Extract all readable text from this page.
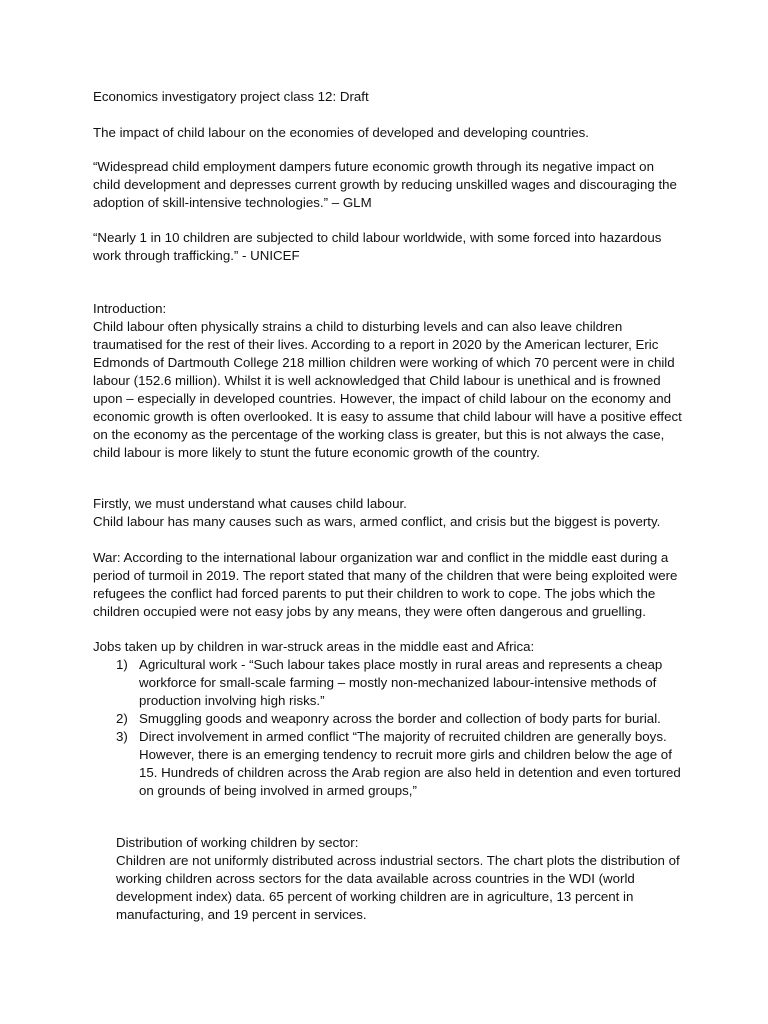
Economics investigatory project class 12: Draft

The impact of child labour on the economies of developed and developing countries.

“Widespread child employment dampers future economic growth through its negative impact on child development and depresses current growth by reducing unskilled wages and discouraging the adoption of skill-intensive technologies.” – GLM

“Nearly 1 in 10 children are subjected to child labour worldwide, with some forced into hazardous work through trafficking.” - UNICEF

Introduction:

Child labour often physically strains a child to disturbing levels and can also leave children traumatised for the rest of their lives. According to a report in 2020 by the American lecturer, Eric Edmonds of Dartmouth College 218 million children were working of which 70 percent were in child labour (152.6 million). Whilst it is well acknowledged that Child labour is unethical and is frowned upon – especially in developed countries. However, the impact of child labour on the economy and economic growth is often overlooked. It is easy to assume that child labour will have a positive effect on the economy as the percentage of the working class is greater, but this is not always the case, child labour is more likely to stunt the future economic growth of the country.

Firstly, we must understand what causes child labour.

Child labour has many causes such as wars, armed conflict, and crisis but the biggest is poverty.

War: According to the international labour organization war and conflict in the middle east during a period of turmoil in 2019. The report stated that many of the children that were being exploited were refugees the conflict had forced parents to put their children to work to cope. The jobs which the children occupied were not easy jobs by any means, they were often dangerous and gruelling.

Jobs taken up by children in war-struck areas in the middle east and Africa:

1) Agricultural work - “Such labour takes place mostly in rural areas and represents a cheap workforce for small-scale farming – mostly non-mechanized labour-intensive methods of production involving high risks.”
2) Smuggling goods and weaponry across the border and collection of body parts for burial.
3) Direct involvement in armed conflict “The majority of recruited children are generally boys. However, there is an emerging tendency to recruit more girls and children below the age of 15. Hundreds of children across the Arab region are also held in detention and even tortured on grounds of being involved in armed groups,”

Distribution of working children by sector:

Children are not uniformly distributed across industrial sectors. The chart plots the distribution of working children across sectors for the data available across countries in the WDI (world development index) data. 65 percent of working children are in agriculture, 13 percent in manufacturing, and 19 percent in services.
